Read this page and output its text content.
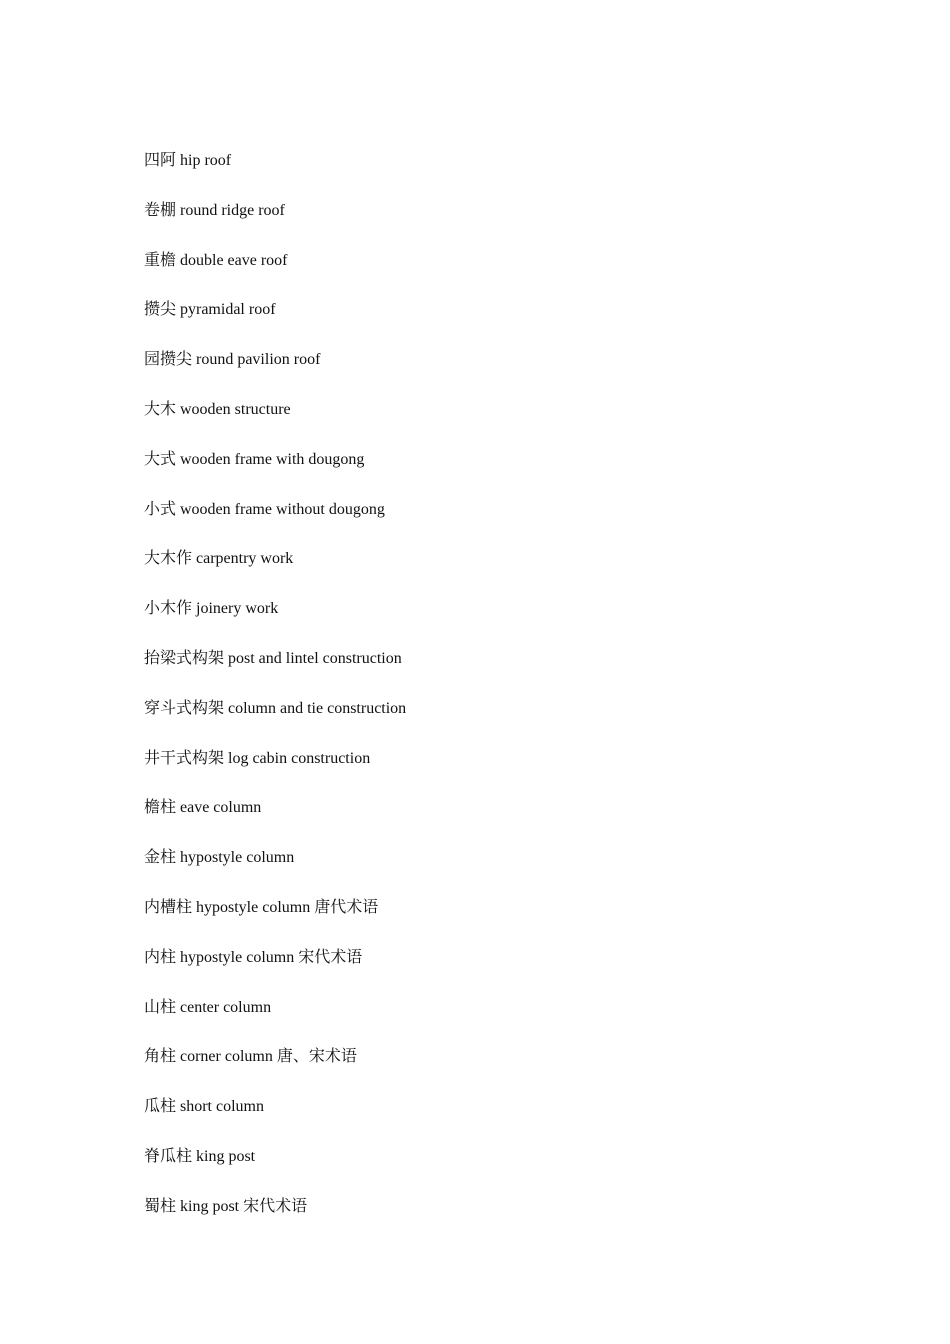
四阿 hip roof
卷棚 round ridge roof
重檐 double eave roof
攒尖 pyramidal roof
园攒尖 round pavilion roof
大木 wooden structure
大式 wooden frame with dougong
小式 wooden frame without dougong
大木作 carpentry work
小木作 joinery work
抬梁式构架 post and lintel construction
穿斗式构架 column and tie construction
井干式构架 log cabin construction
檐柱 eave column
金柱 hypostyle column
内槽柱 hypostyle column 唐代术语
内柱 hypostyle column 宋代术语
山柱 center column
角柱 corner column 唐、宋术语
瓜柱 short column
脊瓜柱 king post
蜀柱 king post 宋代术语
